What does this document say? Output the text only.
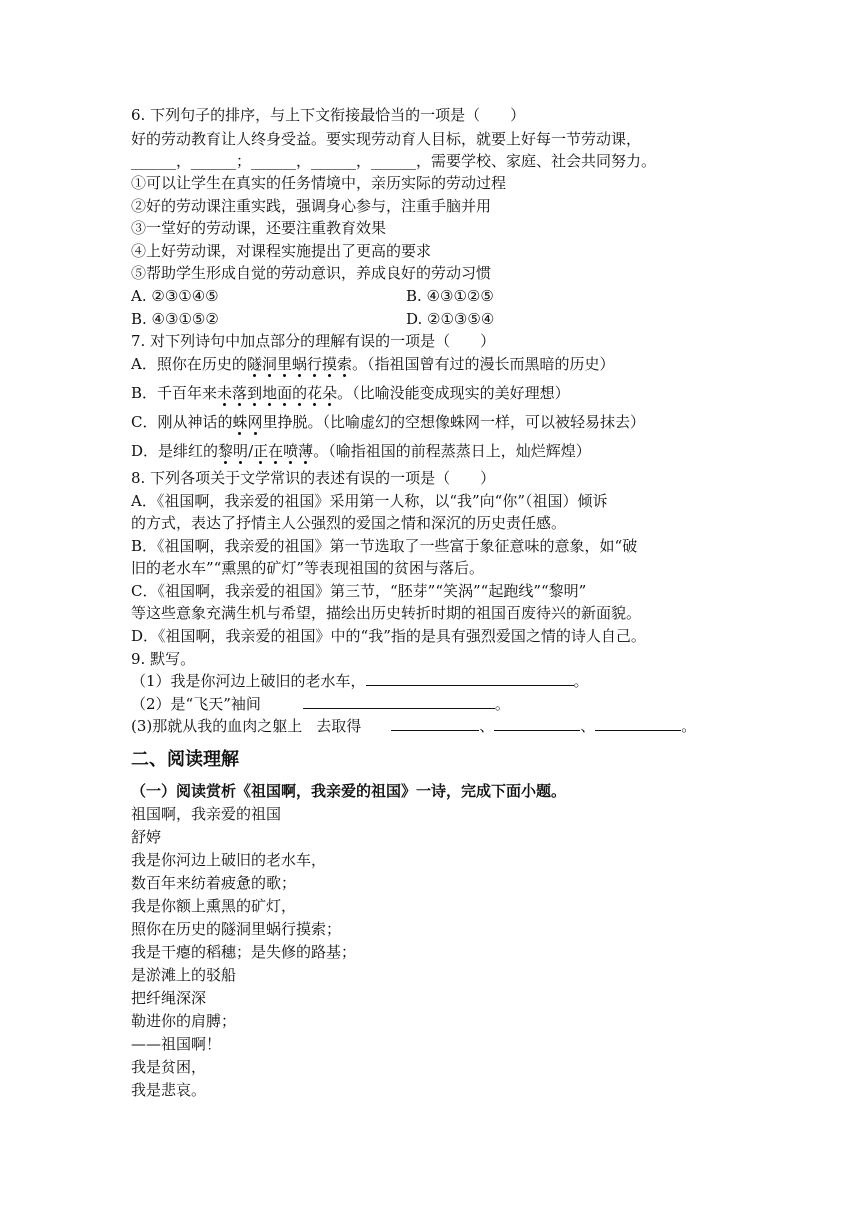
6. 下列句子的排序，与上下文衔接最恰当的一项是（　　）
好的劳动教育让人终身受益。要实现劳动育人目标，就要上好每一节劳动课，
______，______；______，______，______，需要学校、家庭、社会共同努力。
①可以让学生在真实的任务情境中，亲历实际的劳动过程
②好的劳动课注重实践，强调身心参与，注重手脑并用
③一堂好的劳动课，还要注重教育效果
④上好劳动课，对课程实施提出了更高的要求
⑤帮助学生形成自觉的劳动意识，养成良好的劳动习惯
A. ②③①④⑤	B. ④③①②⑤
B. ④③①⑤②	D. ②①③⑤④
7. 对下列诗句中加点部分的理解有误的一项是（　　）
A．照你在历史的隧洞里蜗行摸索。（指祖国曾有过的漫长而黑暗的历史）
B．千百年来未落到地面的花朵。（比喻没能变成现实的美好理想）
C．刚从神话的蛛网里挣脱。（比喻虚幻的空想像蛛网一样，可以被轻易抹去）
D．是绯红的黎明/正在喷薄。（喻指祖国的前程蒸蒸日上，灿烂辉煌）
8. 下列各项关于文学常识的表述有误的一项是（　　）
A．《祖国啊，我亲爱的祖国》采用第一人称，以“我”向“你”（祖国）倾诉
的方式，表达了抒情主人公强烈的爱国之情和深沉的历史责任感。
B．《祖国啊，我亲爱的祖国》第一节选取了一些富于象征意味的意象，如“破
旧的老水车”“熏黑的矿灯”等表现祖国的贫困与落后。
C．《祖国啊，我亲爱的祖国》第三节，“胚芽”“笑涡”“起跑线”“黎明”
等这些意象充满生机与希望，描绘出历史转折时期的祖国百废待兴的新面貌。
D．《祖国啊，我亲爱的祖国》中的“我”指的是具有强烈爱国之情的诗人自己。
9. 默写。
（1）我是你河边上破旧的老水车，	。
（2）是“飞天”袖间	。
(3)那就从我的血肉之躯上 去取得	、	、	。
二、阅读理解
（一）阅读赏析《祖国啊，我亲爱的祖国》一诗，完成下面小题。
祖国啊，我亲爱的祖国
舒婷
我是你河边上破旧的老水车，
数百年来纺着疲惫的歌；
我是你额上熏黑的矿灯，
照你在历史的隧洞里蜗行摸索；
我是干瘪的稻穗；是失修的路基；
是淤滩上的驳船
把纤绳深深
勒进你的肩膊；
——祖国啊！
我是贫困，
我是悲哀。
